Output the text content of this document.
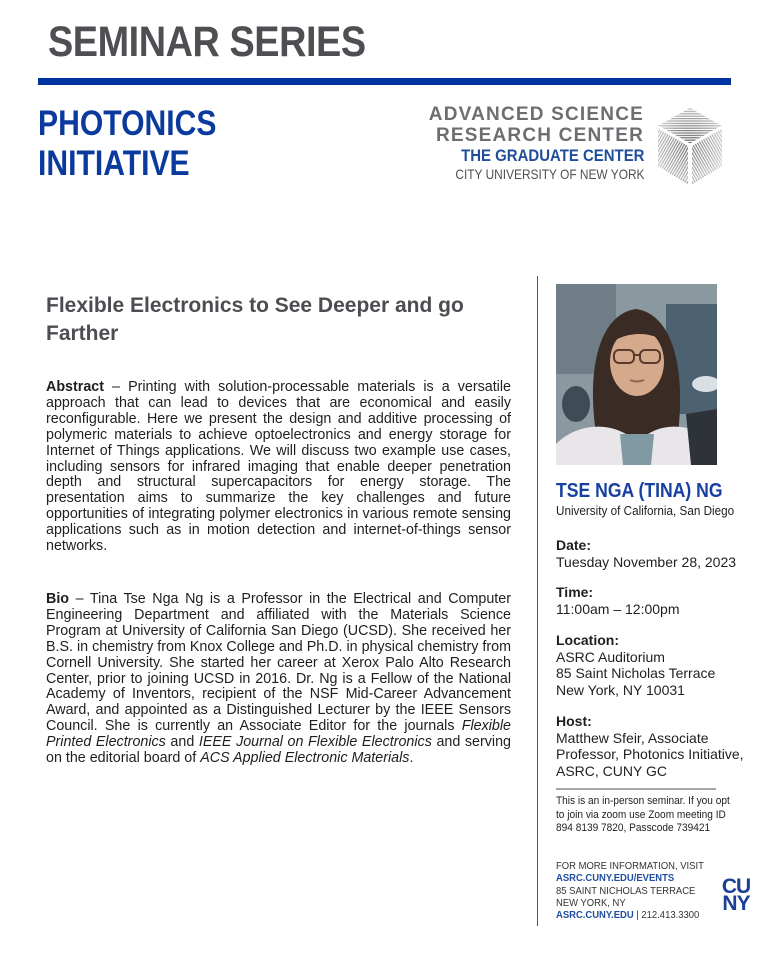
SEMINAR SERIES
PHOTONICS
INITIATIVE
ADVANCED SCIENCE
RESEARCH CENTER
THE GRADUATE CENTER
CITY UNIVERSITY OF NEW YORK
Flexible Electronics to See Deeper and go Farther
Abstract – Printing with solution-processable materials is a versatile approach that can lead to devices that are economical and easily reconfigurable. Here we present the design and additive processing of polymeric materials to achieve optoelectronics and energy storage for Internet of Things applications. We will discuss two example use cases, including sensors for infrared imaging that enable deeper penetration depth and structural supercapacitors for energy storage. The presentation aims to summarize the key challenges and future opportunities of integrating polymer electronics in various remote sensing applications such as in motion detection and internet-of-things sensor networks.
Bio – Tina Tse Nga Ng is a Professor in the Electrical and Computer Engineering Department and affiliated with the Materials Science Program at University of California San Diego (UCSD). She received her B.S. in chemistry from Knox College and Ph.D. in physical chemistry from Cornell University. She started her career at Xerox Palo Alto Research Center, prior to joining UCSD in 2016. Dr. Ng is a Fellow of the National Academy of Inventors, recipient of the NSF Mid-Career Advancement Award, and appointed as a Distinguished Lecturer by the IEEE Sensors Council. She is currently an Associate Editor for the journals Flexible Printed Electronics and IEEE Journal on Flexible Electronics and serving on the editorial board of ACS Applied Electronic Materials.
TSE NGA (TINA) NG
University of California, San Diego
Date:
Tuesday November 28, 2023
Time:
11:00am – 12:00pm
Location:
ASRC Auditorium
85 Saint Nicholas Terrace
New York, NY 10031
Host:
Matthew Sfeir, Associate
Professor, Photonics Initiative,
ASRC, CUNY GC
This is an in-person seminar. If you opt to join via zoom use Zoom meeting ID 894 8139 7820, Passcode 739421
FOR MORE INFORMATION, VISIT
ASRC.CUNY.EDU/EVENTS
85 SAINT NICHOLAS TERRACE
NEW YORK, NY
ASRC.CUNY.EDU | 212.413.3300
CU
NY
